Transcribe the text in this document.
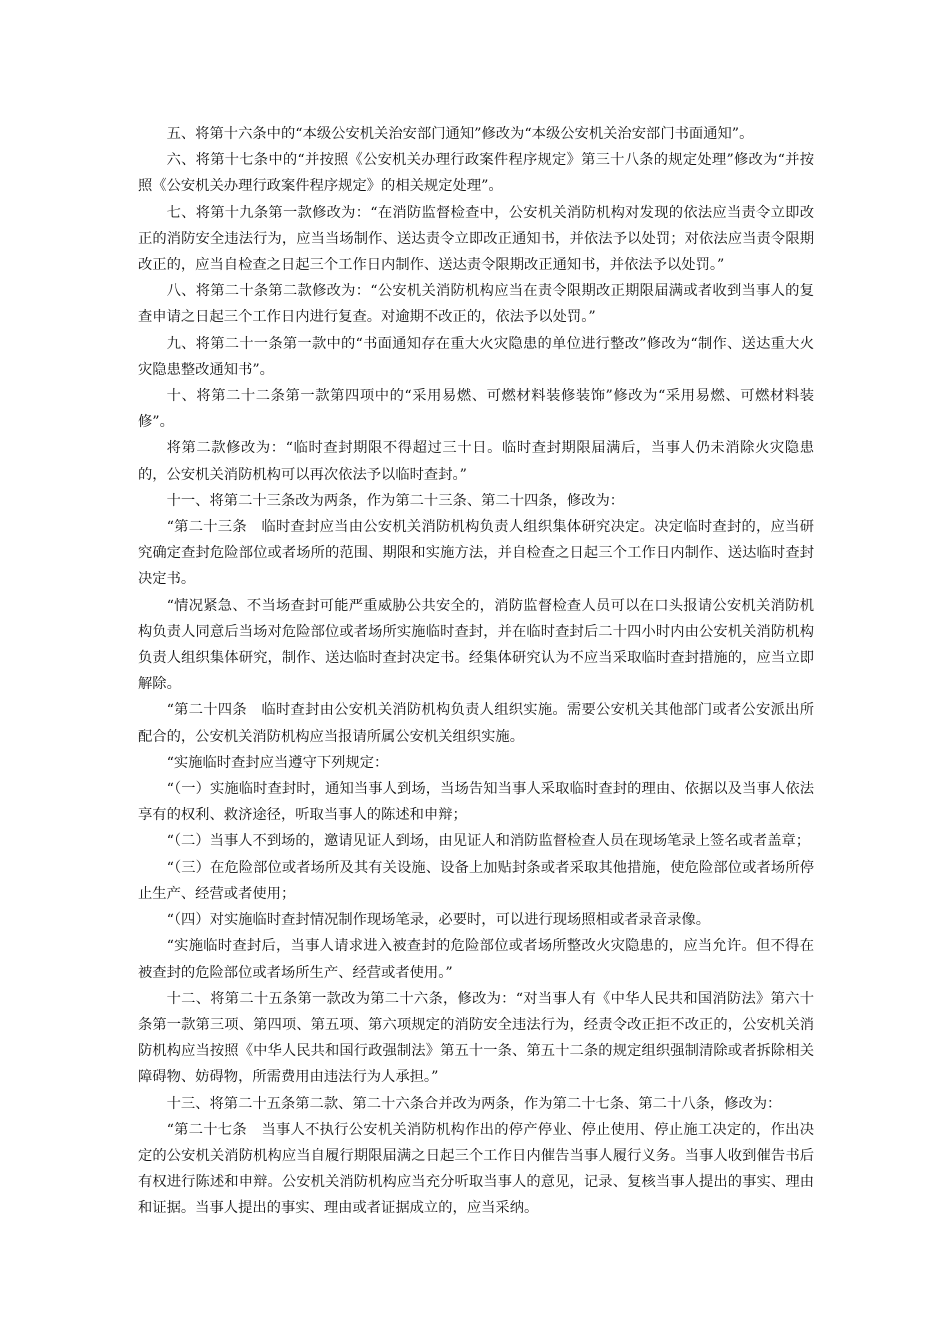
五、将第十六条中的“本级公安机关治安部门通知”修改为“本级公安机关治安部门书面通知”。

六、将第十七条中的“并按照《公安机关办理行政案件程序规定》第三十八条的规定处理”修改为“并按照《公安机关办理行政案件程序规定》的相关规定处理”。

七、将第十九条第一款修改为：“在消防监督检查中，公安机关消防机构对发现的依法应当责令立即改正的消防安全违法行为，应当当场制作、送达责令立即改正通知书，并依法予以处罚；对依法应当责令限期改正的，应当自检查之日起三个工作日内制作、送达责令限期改正通知书，并依法予以处罚。”

八、将第二十条第二款修改为：“公安机关消防机构应当在责令限期改正期限届满或者收到当事人的复查申请之日起三个工作日内进行复查。对逾期不改正的，依法予以处罚。”

九、将第二十一条第一款中的“书面通知存在重大火灾隐患的单位进行整改”修改为“制作、送达重大火灾隐患整改通知书”。

十、将第二十二条第一款第四项中的“采用易燃、可燃材料装修装饰”修改为“采用易燃、可燃材料装修”。

将第二款修改为：“临时查封期限不得超过三十日。临时查封期限届满后，当事人仍未消除火灾隐患的，公安机关消防机构可以再次依法予以临时查封。”

十一、将第二十三条改为两条，作为第二十三条、第二十四条，修改为：

“第二十三条　临时查封应当由公安机关消防机构负责人组织集体研究决定。决定临时查封的，应当研究确定查封危险部位或者场所的范围、期限和实施方法，并自检查之日起三个工作日内制作、送达临时查封决定书。

“情况紧急、不当场查封可能严重威胁公共安全的，消防监督检查人员可以在口头报请公安机关消防机构负责人同意后当场对危险部位或者场所实施临时查封，并在临时查封后二十四小时内由公安机关消防机构负责人组织集体研究，制作、送达临时查封决定书。经集体研究认为不应当采取临时查封措施的，应当立即解除。

“第二十四条　临时查封由公安机关消防机构负责人组织实施。需要公安机关其他部门或者公安派出所配合的，公安机关消防机构应当报请所属公安机关组织实施。

“实施临时查封应当遵守下列规定：

“（一）实施临时查封时，通知当事人到场，当场告知当事人采取临时查封的理由、依据以及当事人依法享有的权利、救济途径，听取当事人的陈述和申辩；

“（二）当事人不到场的，邀请见证人到场，由见证人和消防监督检查人员在现场笔录上签名或者盖章；

“（三）在危险部位或者场所及其有关设施、设备上加贴封条或者采取其他措施，使危险部位或者场所停止生产、经营或者使用；

“（四）对实施临时查封情况制作现场笔录，必要时，可以进行现场照相或者录音录像。

“实施临时查封后，当事人请求进入被查封的危险部位或者场所整改火灾隐患的，应当允许。但不得在被查封的危险部位或者场所生产、经营或者使用。”

十二、将第二十五条第一款改为第二十六条，修改为：“对当事人有《中华人民共和国消防法》第六十条第一款第三项、第四项、第五项、第六项规定的消防安全违法行为，经责令改正拒不改正的，公安机关消防机构应当按照《中华人民共和国行政强制法》第五十一条、第五十二条的规定组织强制清除或者拆除相关障碍物、妨碍物，所需费用由违法行为人承担。”

十三、将第二十五条第二款、第二十六条合并改为两条，作为第二十七条、第二十八条，修改为：

“第二十七条　当事人不执行公安机关消防机构作出的停产停业、停止使用、停止施工决定的，作出决定的公安机关消防机构应当自履行期限届满之日起三个工作日内催告当事人履行义务。当事人收到催告书后有权进行陈述和申辩。公安机关消防机构应当充分听取当事人的意见，记录、复核当事人提出的事实、理由和证据。当事人提出的事实、理由或者证据成立的，应当采纳。
